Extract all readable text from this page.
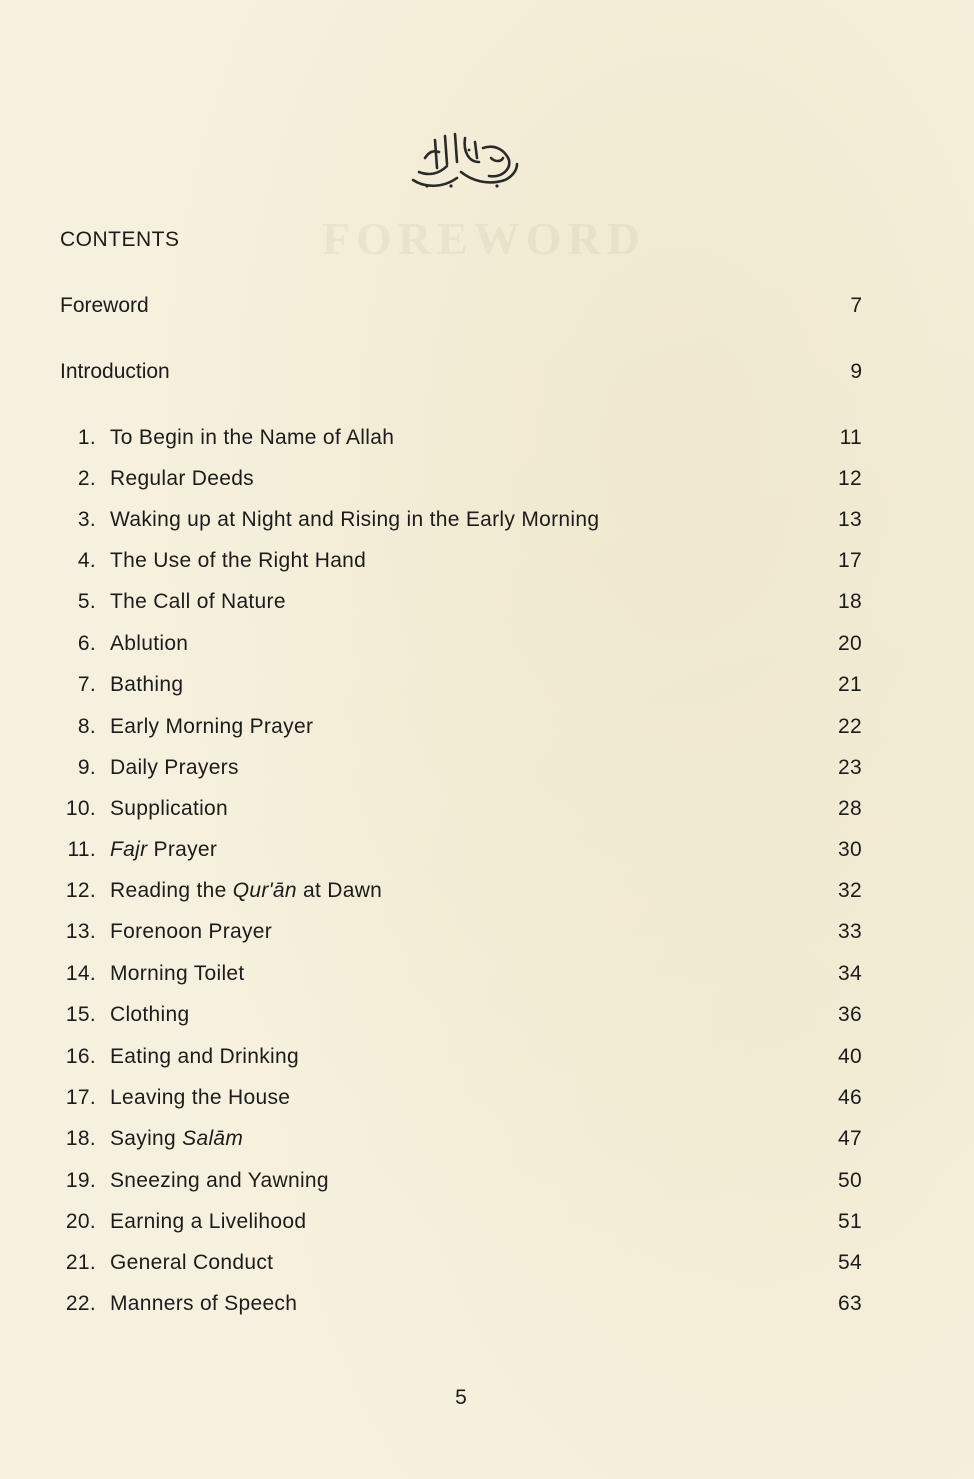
FOREWORD
CONTENTS
Foreword	7
Introduction	9
1. To Begin in the Name of Allah	11
2. Regular Deeds	12
3. Waking up at Night and Rising in the Early Morning	13
4. The Use of the Right Hand	17
5. The Call of Nature	18
6. Ablution	20
7. Bathing	21
8. Early Morning Prayer	22
9. Daily Prayers	23
10. Supplication	28
11. Fajr Prayer	30
12. Reading the Qur'ān at Dawn	32
13. Forenoon Prayer	33
14. Morning Toilet	34
15. Clothing	36
16. Eating and Drinking	40
17. Leaving the House	46
18. Saying Salām	47
19. Sneezing and Yawning	50
20. Earning a Livelihood	51
21. General Conduct	54
22. Manners of Speech	63
5
